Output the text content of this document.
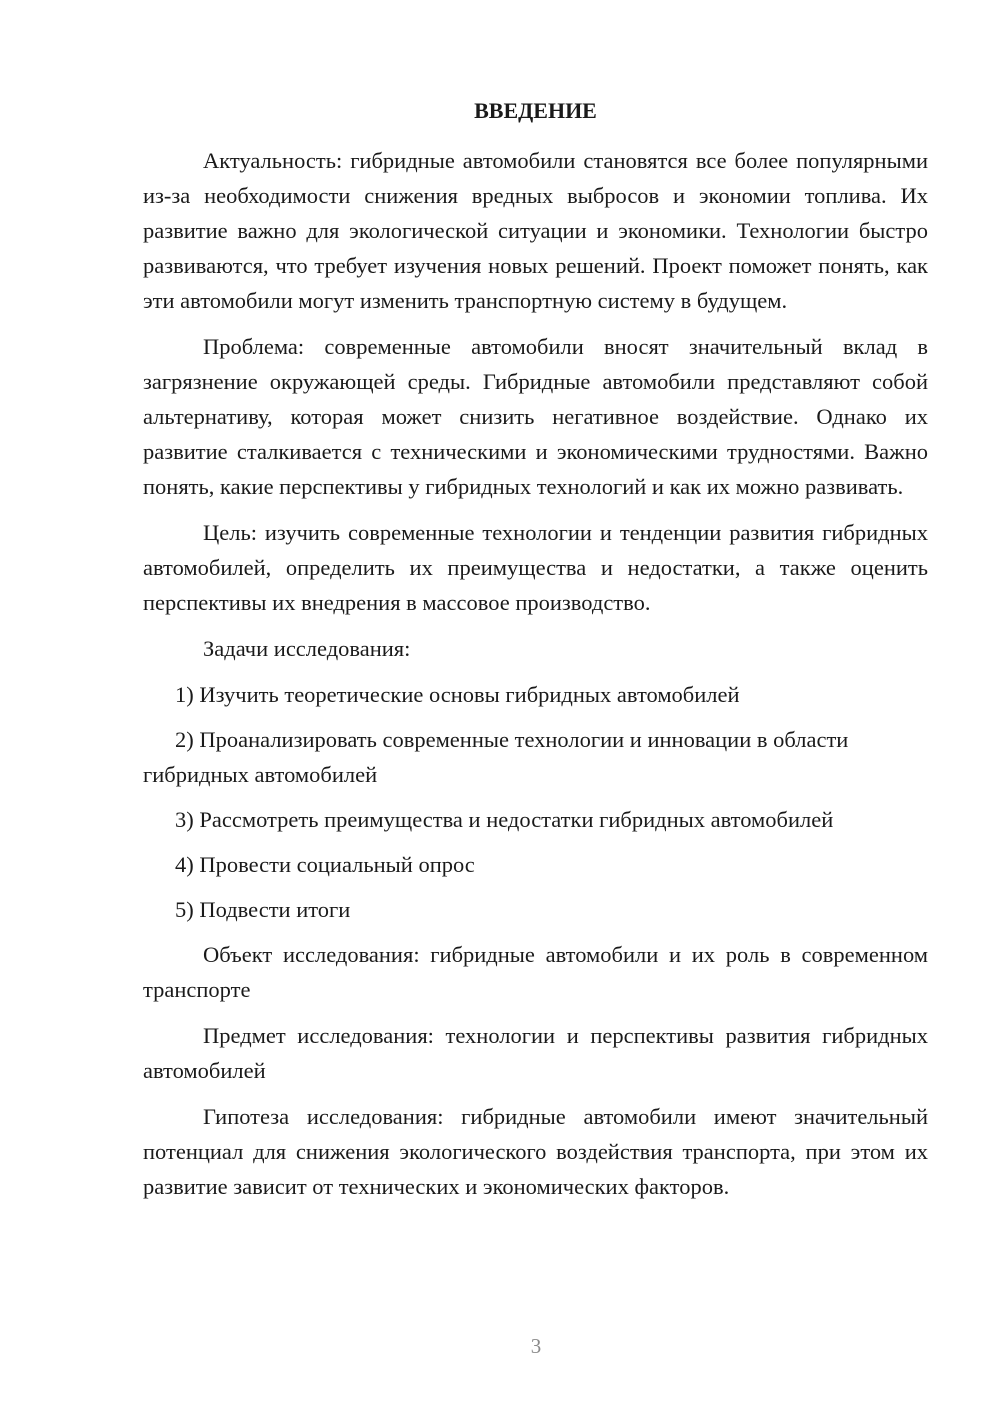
ВВЕДЕНИЕ

Актуальность: гибридные автомобили становятся все более популярными из-за необходимости снижения вредных выбросов и экономии топлива. Их развитие важно для экологической ситуации и экономики. Технологии быстро развиваются, что требует изучения новых решений. Проект поможет понять, как эти автомобили могут изменить транспортную систему в будущем.

Проблема: современные автомобили вносят значительный вклад в загрязнение окружающей среды. Гибридные автомобили представляют собой альтернативу, которая может снизить негативное воздействие. Однако их развитие сталкивается с техническими и экономическими трудностями. Важно понять, какие перспективы у гибридных технологий и как их можно развивать.

Цель: изучить современные технологии и тенденции развития гибридных автомобилей, определить их преимущества и недостатки, а также оценить перспективы их внедрения в массовое производство.

Задачи исследования:

1) Изучить теоретические основы гибридных автомобилей

2) Проанализировать современные технологии и инновации в области гибридных автомобилей

3) Рассмотреть преимущества и недостатки гибридных автомобилей

4) Провести социальный опрос

5) Подвести итоги

Объект исследования: гибридные автомобили и их роль в современном транспорте

Предмет исследования: технологии и перспективы развития гибридных автомобилей

Гипотеза исследования: гибридные автомобили имеют значительный потенциал для снижения экологического воздействия транспорта, при этом их развитие зависит от технических и экономических факторов.

3
